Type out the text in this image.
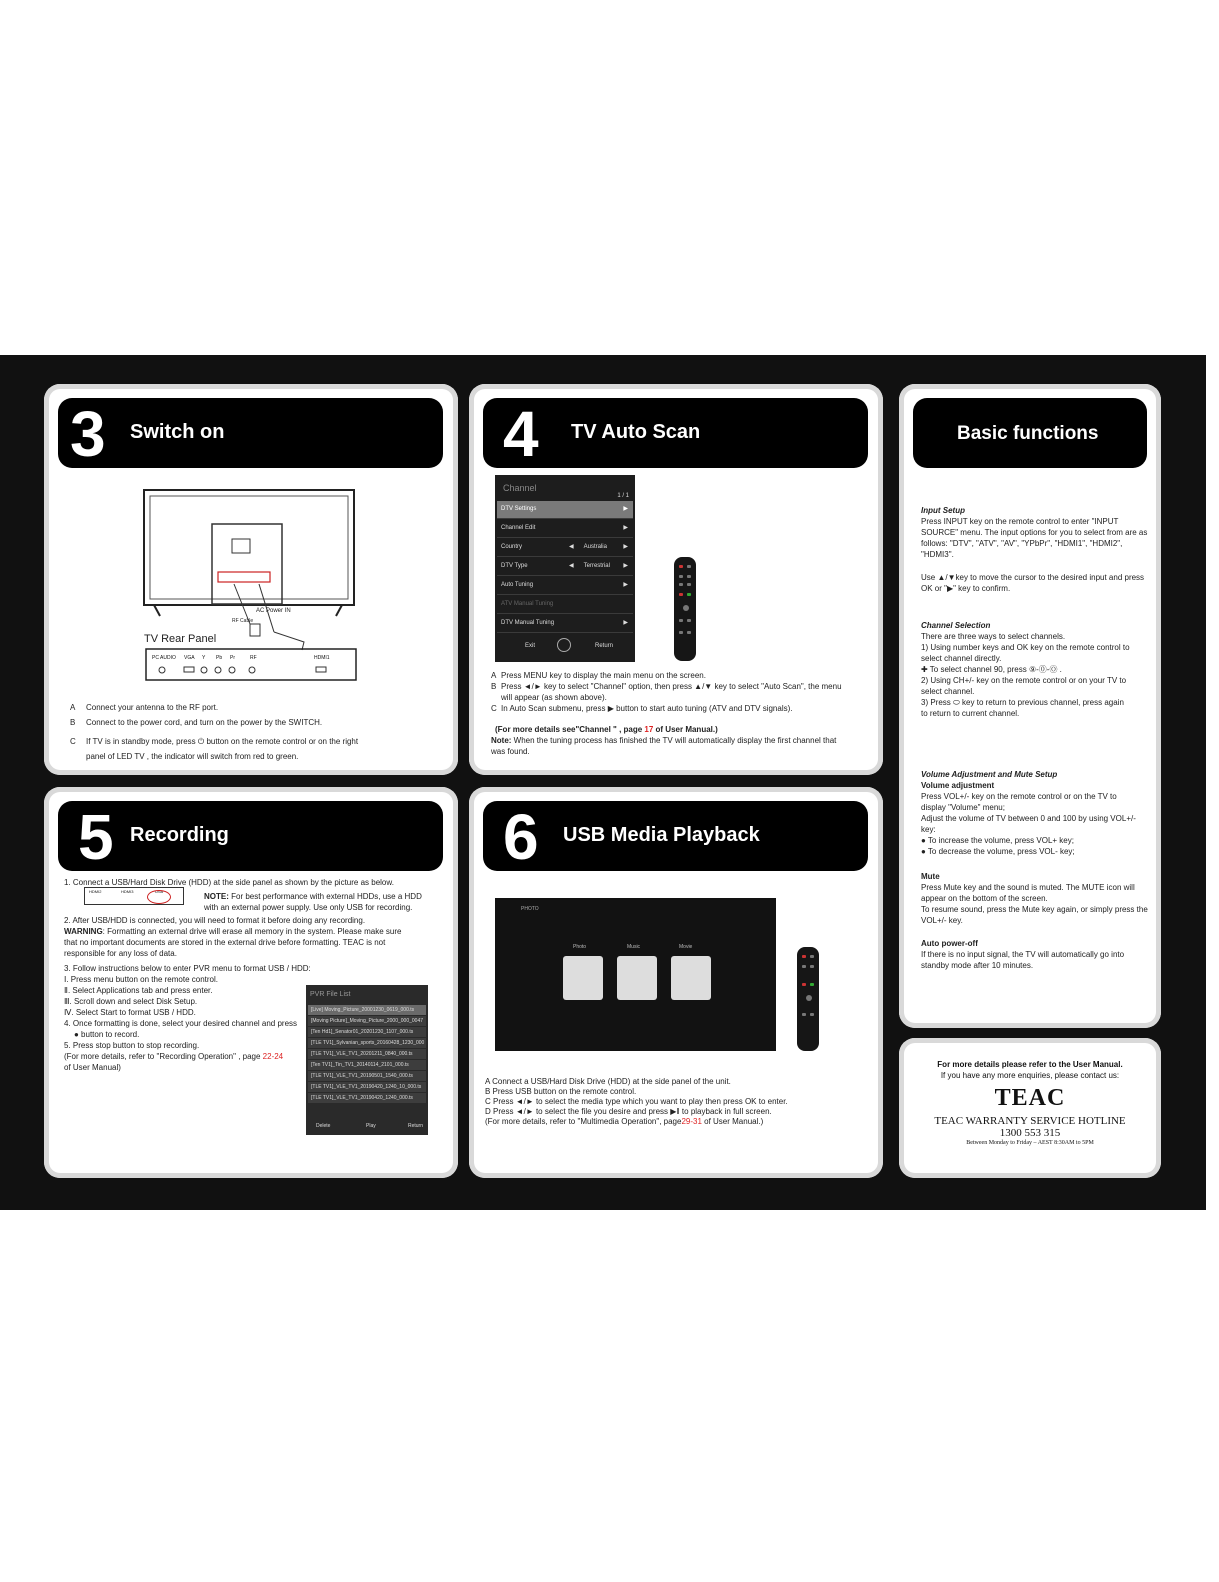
3 Switch on
AC Power IN
RF Cable
TV Rear Panel
PC AUDIO VGA Y Pb Pr	RF	HDMI1

A Connect your antenna to the RF port.

B Connect to the power cord, and turn on the power by the SWITCH.

C If TV is in standby mode, press ⏻ button on the remote control or on the right

panel of LED TV , the indicator will switch from red to green.

4 TV Auto Scan
Channel
1 / 1
DTV Settings	▶
Channel Edit	▶
Country	◀      Australia	▶
DTV Type	◀      Terrestrial ▶
Auto Tuning	▶
ATV Manual Tuning
DTV Manual Tuning	▶
Exit	Return

A Press MENU key to display the main menu on the screen.

B Press ◄/► key to select "Channel" option, then press ▲/▼ key to select "Auto Scan", the menu

will appear (as shown above).

C In Auto Scan submenu, press ▶ button to start auto tuning (ATV and DTV signals).

(For more details see"Channel " , page 17 of User Manual.)

Note: When the tuning process has finished the TV will automatically display the first channel that

was found.

Basic functions

Input Setup

Press INPUT key on the remote control to enter "INPUT

SOURCE" menu. The input options for you to select from are as

follows: "DTV", "ATV", "AV", "YPbPr", "HDMI1", "HDMI2", "HDMI3".

Use ▲/▼key to move the cursor to the desired input and press

OK or "▶" key to confirm.

Channel Selection

There are three ways to select channels.

1) Using number keys and OK key on the remote control to

select channel directly.

✚ To select channel 90, press ⑨-⓪-Ⓞ .

2) Using CH+/- key on the remote control or on your TV to

select channel.

3) Press ⬭ key to return to previous channel, press again

to return to current channel.

Volume Adjustment and Mute Setup

Volume adjustment

Press VOL+/- key on the remote control or on the TV to

display "Volume" menu;

Adjust the volume of TV between 0 and 100 by using VOL+/-

key:

● To increase the volume, press VOL+ key;

● To decrease the volume, press VOL- key;

Mute

Press Mute key and the sound is muted. The MUTE icon will

appear on the bottom of the screen.

To resume sound, press the Mute key again, or simply press the

VOL+/- key.

Auto power-off

If there is no input signal, the TV will automatically go into

standby mode after 10 minutes.

5 Recording
1. Connect a USB/Hard Disk Drive (HDD) at the side panel as shown by the picture as below.
HDMI2	HDMI3	USB

NOTE: For best performance with external HDDs, use a HDD

with an external power supply. Use only USB for recording.

2. After USB/HDD is connected, you will need to format it before doing any recording.

WARNING: Formatting an external drive will erase all memory in the system. Please make sure

that no important documents are stored in the external drive before formatting. TEAC is not

responsible for any loss of data.

3. Follow instructions below to enter PVR menu to format USB / HDD:

Ⅰ. Press menu button on the remote control.

Ⅱ. Select Applications tab and press enter.

Ⅲ. Scroll down and select Disk Setup.

Ⅳ. Select Start to format USB / HDD.

4. Once formatting is done, select your desired channel and press

● button to record.

5. Press stop button to stop recording.

(For more details, refer to "Recording Operation" , page 22-24

of User Manual)

PVR File List
[Live] Moving_Picture_20001230_0619_000.ts
[Moving Picture]_Moving_Picture_2000_000_0047
[Ten Hd1]_Senator01_20201230_1107_000.ts
[TLE TV1]_Sylvanian_sports_20160428_1230_000
[TLE TV1]_VLE_TV1_20201211_0840_000.ts
[Ten TV1]_Tin_TV1_20140114_2101_000.ts
[TLE TV1]_VLE_TV1_20190501_1540_000.ts
[TLE TV1]_VLE_TV1_20190420_1240_10_000.ts
[TLE TV1]_VLE_TV1_20190420_1240_000.ts
Delete	Play	Return
6 USB Media Playback
PHOTO
Photo	Music	Movie

A Connect a USB/Hard Disk Drive (HDD) at the side panel of the unit.

B Press USB button on the remote control.

C Press ◄/► to select the media type which you want to play then press OK to enter.

D Press ◄/► to select the file you desire and press ▶‖ to playback in full screen.

(For more details, refer to "Multimedia Operation", page29-31 of User Manual.)

For more details please refer to the User Manual.
If you have any more enquiries, please contact us:
TEAC
TEAC WARRANTY SERVICE HOTLINE
1300 553 315
Between Monday to Friday – AEST 8:30AM to 5PM
